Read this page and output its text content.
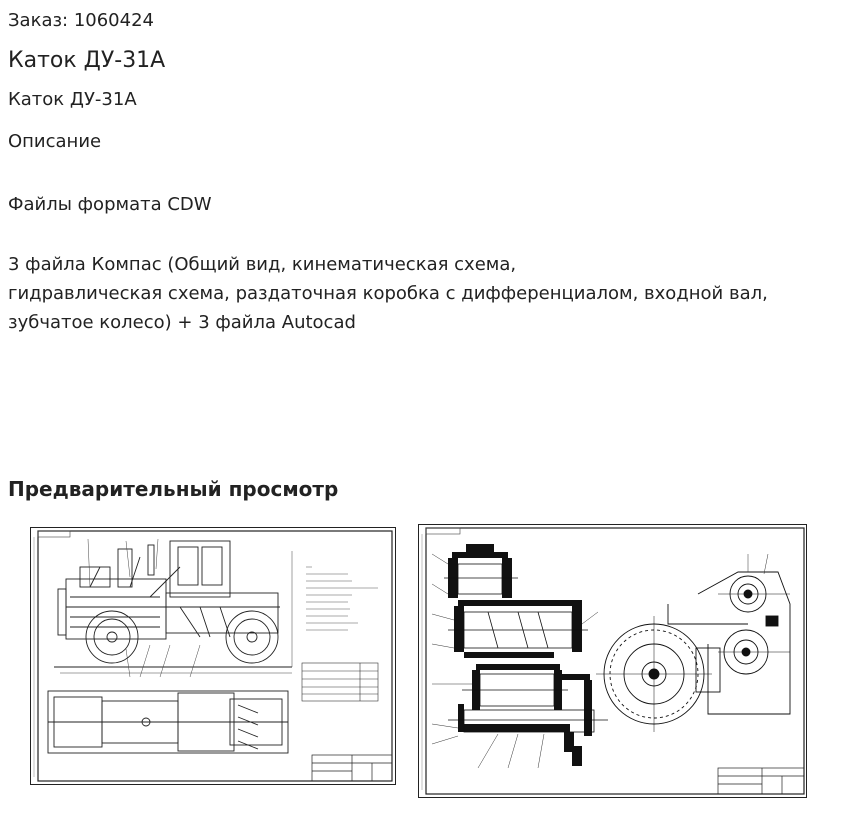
Заказ: 1060424
Каток ДУ-31А
Каток ДУ-31А
Описание
Файлы формата CDW
3 файла Компас (Общий вид, кинематическая схема,
гидравлическая схема, раздаточная коробка с дифференциалом, входной вал,
зубчатое колесо) + 3 файла Autocad
Предварительный просмотр
